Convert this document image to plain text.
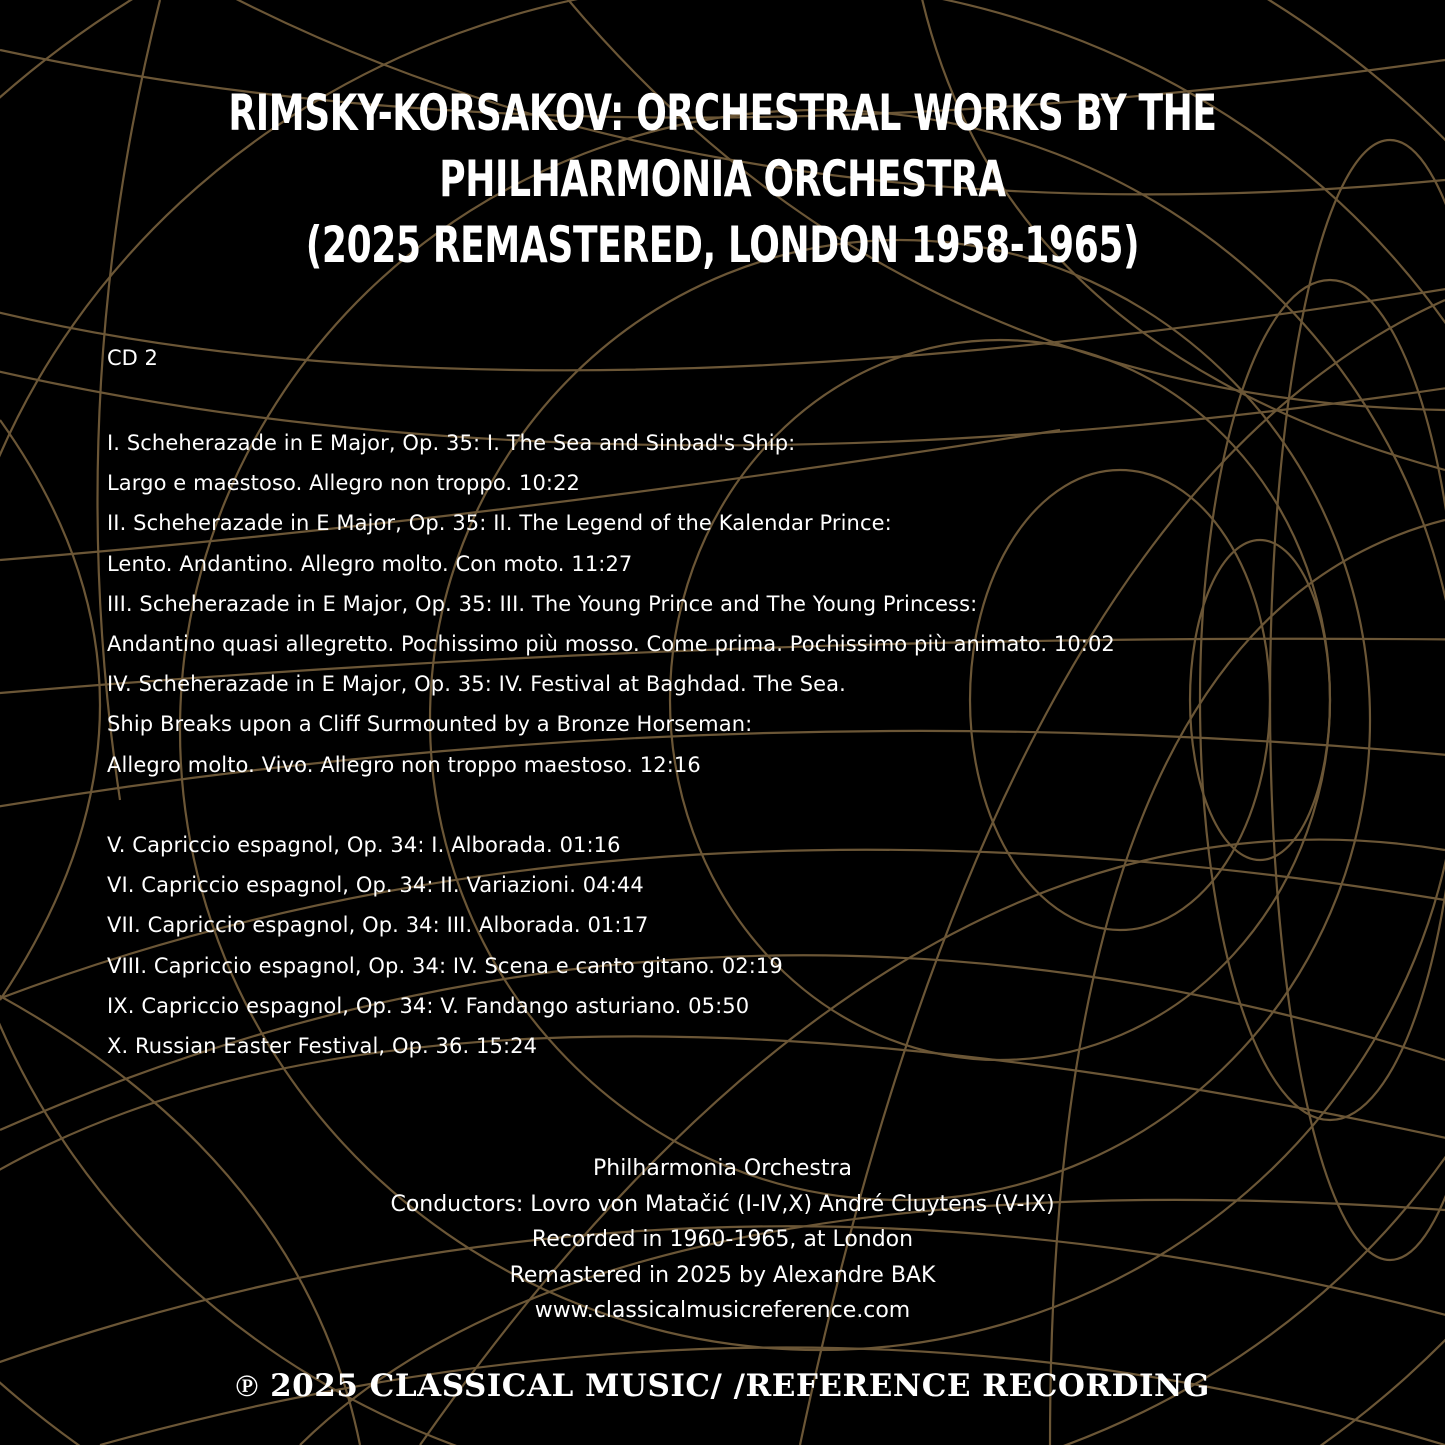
RIMSKY-KORSAKOV: ORCHESTRAL WORKS BY THE
PHILHARMONIA ORCHESTRA
(2025 REMASTERED, LONDON 1958-1965)
CD 2
I. Scheherazade in E Major, Op. 35: I. The Sea and Sinbad's Ship:
Largo e maestoso. Allegro non troppo. 10:22
II. Scheherazade in E Major, Op. 35: II. The Legend of the Kalendar Prince:
Lento. Andantino. Allegro molto. Con moto. 11:27
III. Scheherazade in E Major, Op. 35: III. The Young Prince and The Young Princess:
Andantino quasi allegretto. Pochissimo più mosso. Come prima. Pochissimo più animato. 10:02
IV. Scheherazade in E Major, Op. 35: IV. Festival at Baghdad. The Sea.
Ship Breaks upon a Cliff Surmounted by a Bronze Horseman:
Allegro molto. Vivo. Allegro non troppo maestoso. 12:16
V. Capriccio espagnol, Op. 34: I. Alborada. 01:16
VI. Capriccio espagnol, Op. 34: II. Variazioni. 04:44
VII. Capriccio espagnol, Op. 34: III. Alborada. 01:17
VIII. Capriccio espagnol, Op. 34: IV. Scena e canto gitano. 02:19
IX. Capriccio espagnol, Op. 34: V. Fandango asturiano. 05:50
X. Russian Easter Festival, Op. 36. 15:24
Philharmonia Orchestra
Conductors: Lovro von Matačić (I-IV,X) André Cluytens (V-IX)
Recorded in 1960-1965, at London
Remastered in 2025 by Alexandre BAK
www.classicalmusicreference.com
℗ 2025 CLASSICAL MUSIC/ /REFERENCE RECORDING
